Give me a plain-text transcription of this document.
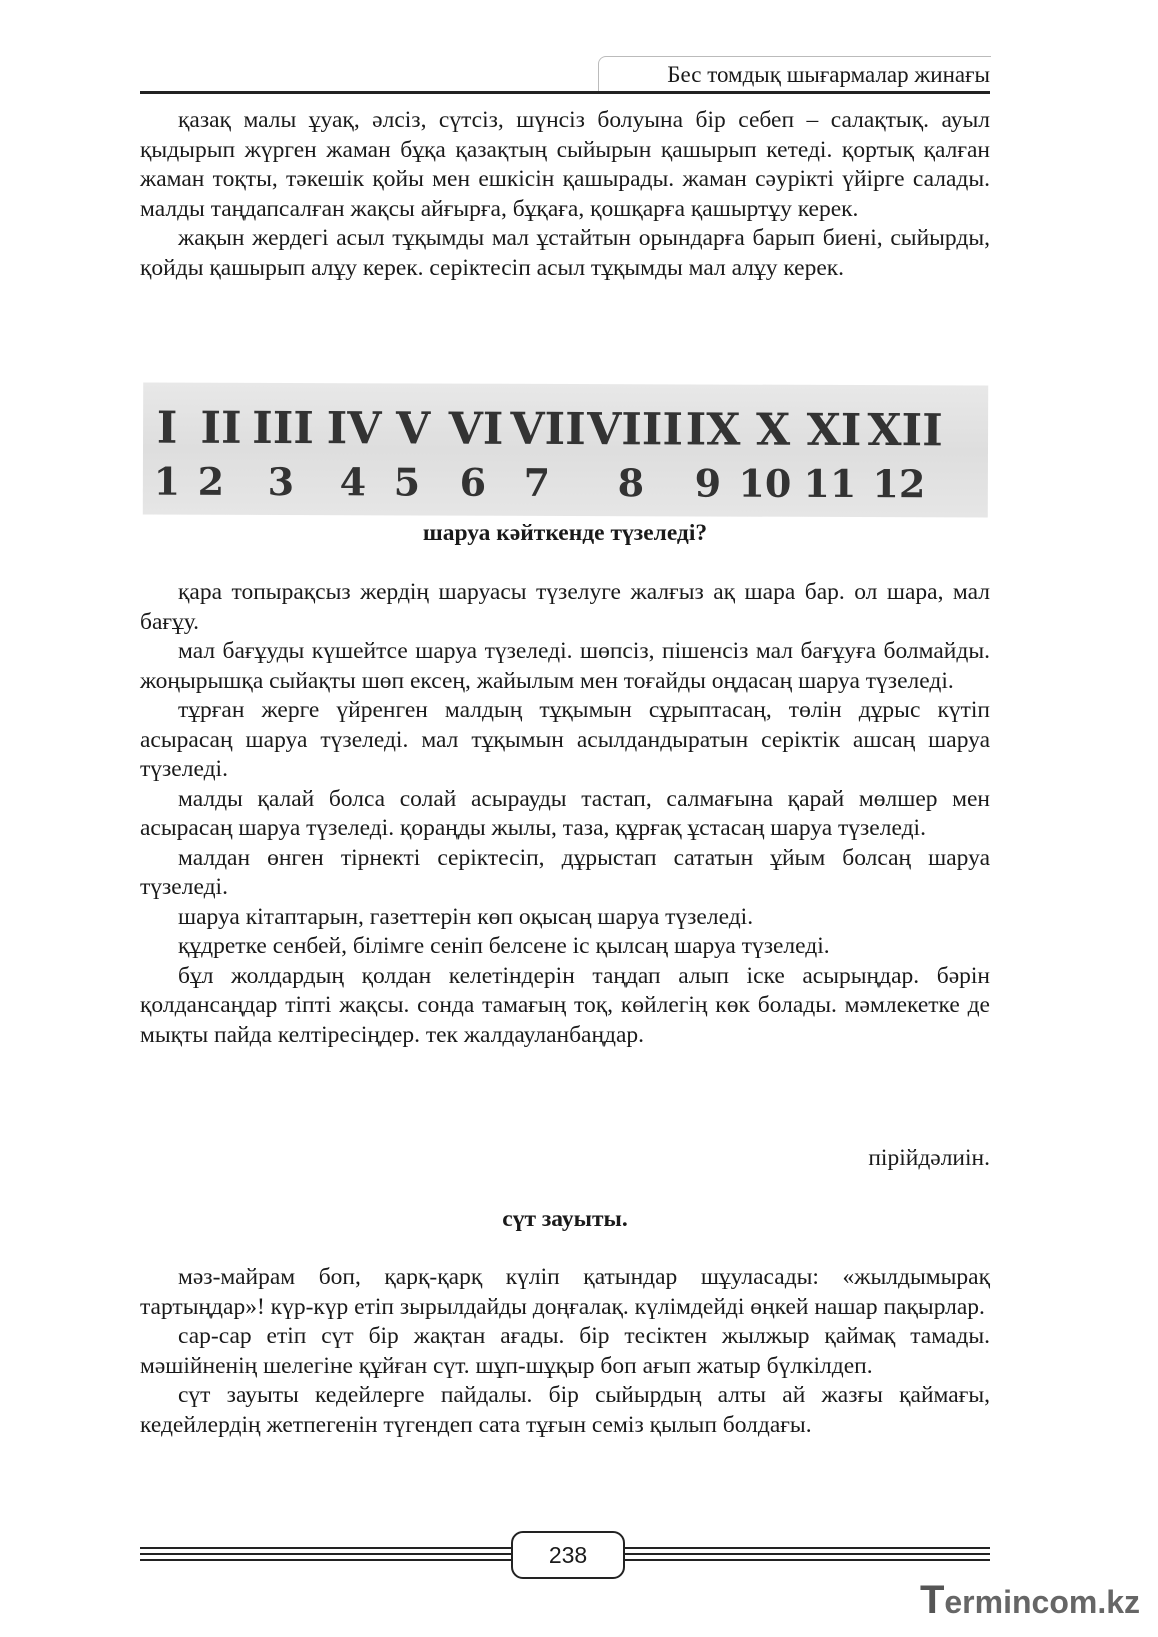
Бес томдық шығармалар жинағы

қазақ малы ұуақ, әлсіз, сүтсіз, шүнсіз болуына бір себеп – салақтық. ауыл қыдырып жүрген жаман бұқа қазақтың сыйырын қашырып кетеді. қортық қалған жаман тоқты, тәкешік қойы мен ешкісін қашырады. жаман сәурікті үйірге салады. малды таңдапсалған жақсы айғырға, бұқаға, қошқарға қашыртұу керек.

жақын жердегі асыл тұқымды мал ұстайтын орындарға барып биені, сыйырды, қойды қашырып алұу керек. серіктесіп асыл тұқымды мал алұу керек.

I II III IV V VI VII VIII IX X XI XII
1 2 3 4 5 6 7 8 9 10 11 12
шаруа кәйткенде түзеледі?

қара топырақсыз жердің шаруасы түзелуге жалғыз ақ шара бар. ол шара, мал бағұу.

мал бағұуды күшейтсе шаруа түзеледі. шөпсіз, пішенсіз мал бағұуға болмайды. жоңырышқа сыйақты шөп ексең, жайылым мен тоғайды оңдасаң шаруа түзеледі.

тұрған жерге үйренген малдың тұқымын сұрыптасаң, төлін дұрыс күтіп асырасаң шаруа түзеледі. мал тұқымын асылдандыратын серіктік ашсаң шаруа түзеледі.

малды қалай болса солай асырауды тастап, салмағына қарай мөлшер мен асырасаң шаруа түзеледі. қораңды жылы, таза, құрғақ ұстасаң шаруа түзеледі.

малдан өнген тірнекті серіктесіп, дұрыстап сататын ұйым болсаң шаруа түзеледі.

шаруа кітаптарын, газеттерін көп оқысаң шаруа түзеледі.

құдретке сенбей, білімге сеніп белсене іс қылсаң шаруа түзеледі.

бұл жолдардың қолдан келетіндерін таңдап алып іске асырыңдар. бәрін қолдансаңдар тіпті жақсы. сонда тамағың тоқ, көйлегің көк болады. мәмлекетке де мықты пайда келтіресіңдер. тек жалдауланбаңдар.

пірійдәлиін.
сүт зауыты.

мәз-майрам боп, қарқ-қарқ күліп қатындар шұуласады: «жылдымырақ тартыңдар»! күр-күр етіп зырылдайды доңғалақ. күлімдейді өңкей нашар пақырлар.

сар-сар етіп сүт бір жақтан ағады. бір тесіктен жылжыр қаймақ тамады. мәшійненің шелегіне құйған сүт. шұп-шұқыр боп ағып жатыр бүлкілдеп.

сүт зауыты кедейлерге пайдалы. бір сыйырдың алты ай жазғы қаймағы, кедейлердің жетпегенін түгендеп сата тұғын семіз қылып болдағы.

238
Termincom.kz
